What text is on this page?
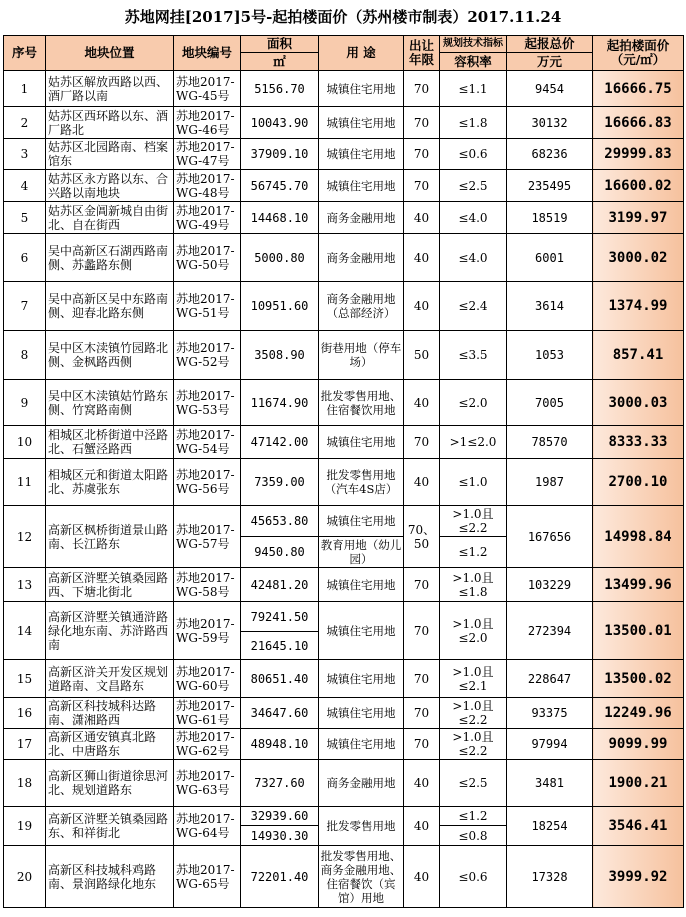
苏地网挂[2017]5号-起拍楼面价（苏州楼市制表）2017.11.24
序号	地块位置	地块编号	面积	用 途	出让年限	规划技术指标	起报总价	起拍楼面价
（元/㎡）

			㎡			容积率	万元	
1	姑苏区解放西路以西、酒厂路以南	苏地2017-WG-45号	5156.70	城镇住宅用地	70	≤1.1	9454	16666.75
2	姑苏区西环路以东、酒厂路北	苏地2017-WG-46号	10043.90	城镇住宅用地	70	≤1.8	30132	16666.83
3	姑苏区北园路南、档案馆东	苏地2017-WG-47号	37909.10	城镇住宅用地	70	≤0.6	68236	29999.83
4	姑苏区永方路以东、合兴路以南地块	苏地2017-WG-48号	56745.70	城镇住宅用地	70	≤2.5	235495	16600.02
5	姑苏区金阊新城自由街北、自在街西	苏地2017-WG-49号	14468.10	商务金融用地	40	≤4.0	18519	3199.97
6	吴中高新区石湖西路南侧、苏蠡路东侧	苏地2017-WG-50号	5000.80	商务金融用地	40	≤4.0	6001	3000.02
7	吴中高新区吴中东路南侧、迎春北路东侧	苏地2017-WG-51号	10951.60	商务金融用地（总部经济）	40	≤2.4	3614	1374.99
8	吴中区木渎镇竹园路北侧、金枫路西侧	苏地2017-WG-52号	3508.90	街巷用地（停车场）	50	≤3.5	1053	857.41
9	吴中区木渎镇姑竹路东侧、竹窝路南侧	苏地2017-WG-53号	11674.90	批发零售用地、住宿餐饮用地	40	≤2.0	7005	3000.03
10	相城区北桥街道中泾路北、石蟹泾路西	苏地2017-WG-54号	47142.00	城镇住宅用地	70	>1≤2.0	78570	8333.33
11	相城区元和街道太阳路北、苏虞张东	苏地2017-WG-56号	7359.00	批发零售用地（汽车4S店）	40	≤1.0	1987	2700.10
12	高新区枫桥街道景山路南、长江路东	苏地2017-WG-57号	45653.80	城镇住宅用地	70、50	>1.0且≤2.2	167656	14998.84
			9450.80	教育用地（幼儿园）		≤1.2		
13	高新区浒墅关镇桑园路西、下塘北街北	苏地2017-WG-58号	42481.20	城镇住宅用地	70	>1.0且≤1.8	103229	13499.96
14	高新区浒墅关镇通浒路绿化地东南、苏浒路西南	苏地2017-WG-59号	79241.50	城镇住宅用地	70	>1.0且≤2.0	272394	13500.01
			21645.10					
15	高新区浒关开发区规划道路南、文昌路东	苏地2017-WG-60号	80651.40	城镇住宅用地	70	>1.0且≤2.1	228647	13500.02
16	高新区科技城科达路南、潇湘路西	苏地2017-WG-61号	34647.60	城镇住宅用地	70	>1.0且≤2.2	93375	12249.96
17	高新区通安镇真北路北、中唐路东	苏地2017-WG-62号	48948.10	城镇住宅用地	70	>1.0且≤2.2	97994	9099.99
18	高新区狮山街道徐思河北、规划道路东	苏地2017-WG-63号	7327.60	商务金融用地	40	≤2.5	3481	1900.21
19	高新区浒墅关镇桑园路东、和祥街北	苏地2017-WG-64号	32939.60	批发零售用地	40	≤1.2	18254	3546.41
			14930.30			≤0.8		
20	高新区科技城科鸡路南、景润路绿化地东	苏地2017-WG-65号	72201.40	批发零售用地、商务金融用地、住宿餐饮（宾馆）用地	40	≤0.6	17328	3999.92
